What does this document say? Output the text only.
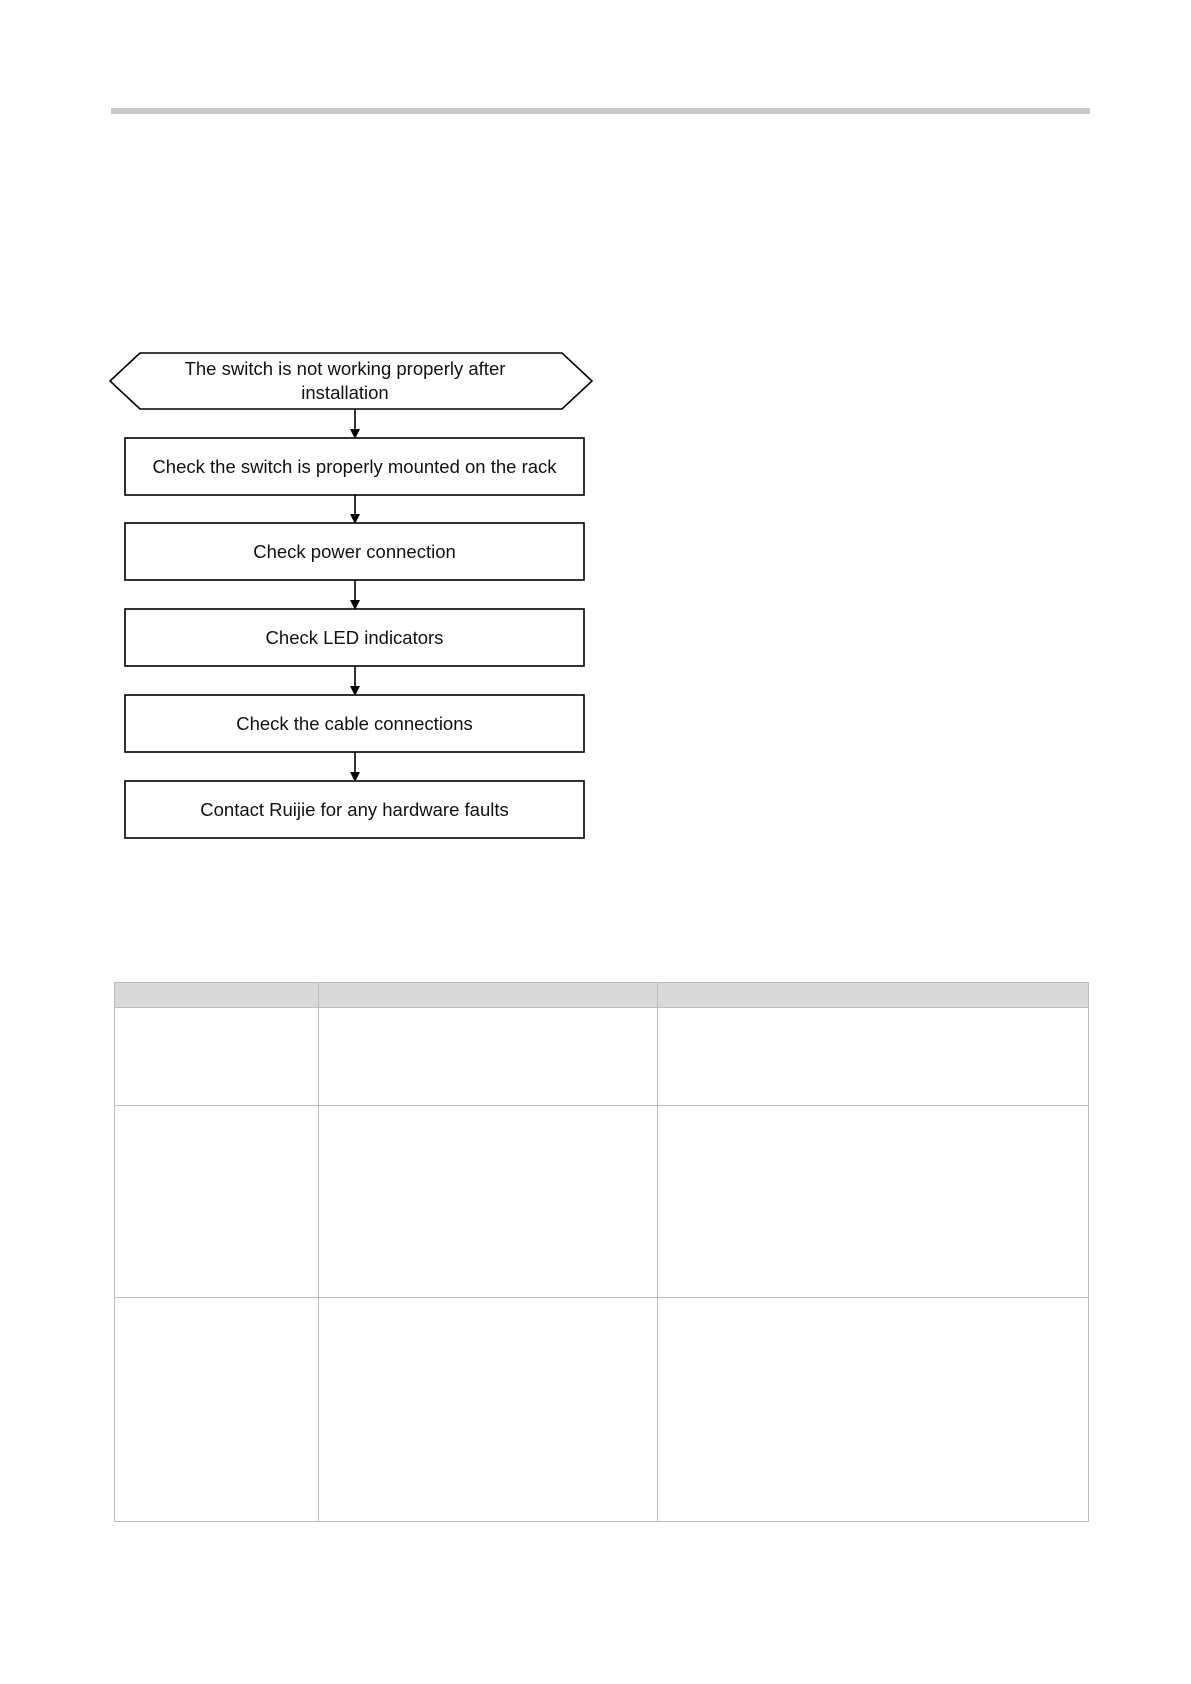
The switch is not working properly after installation
Check the switch is properly mounted on the rack
Check power connection
Check LED indicators
Check the cable connections
Contact Ruijie for any hardware faults
